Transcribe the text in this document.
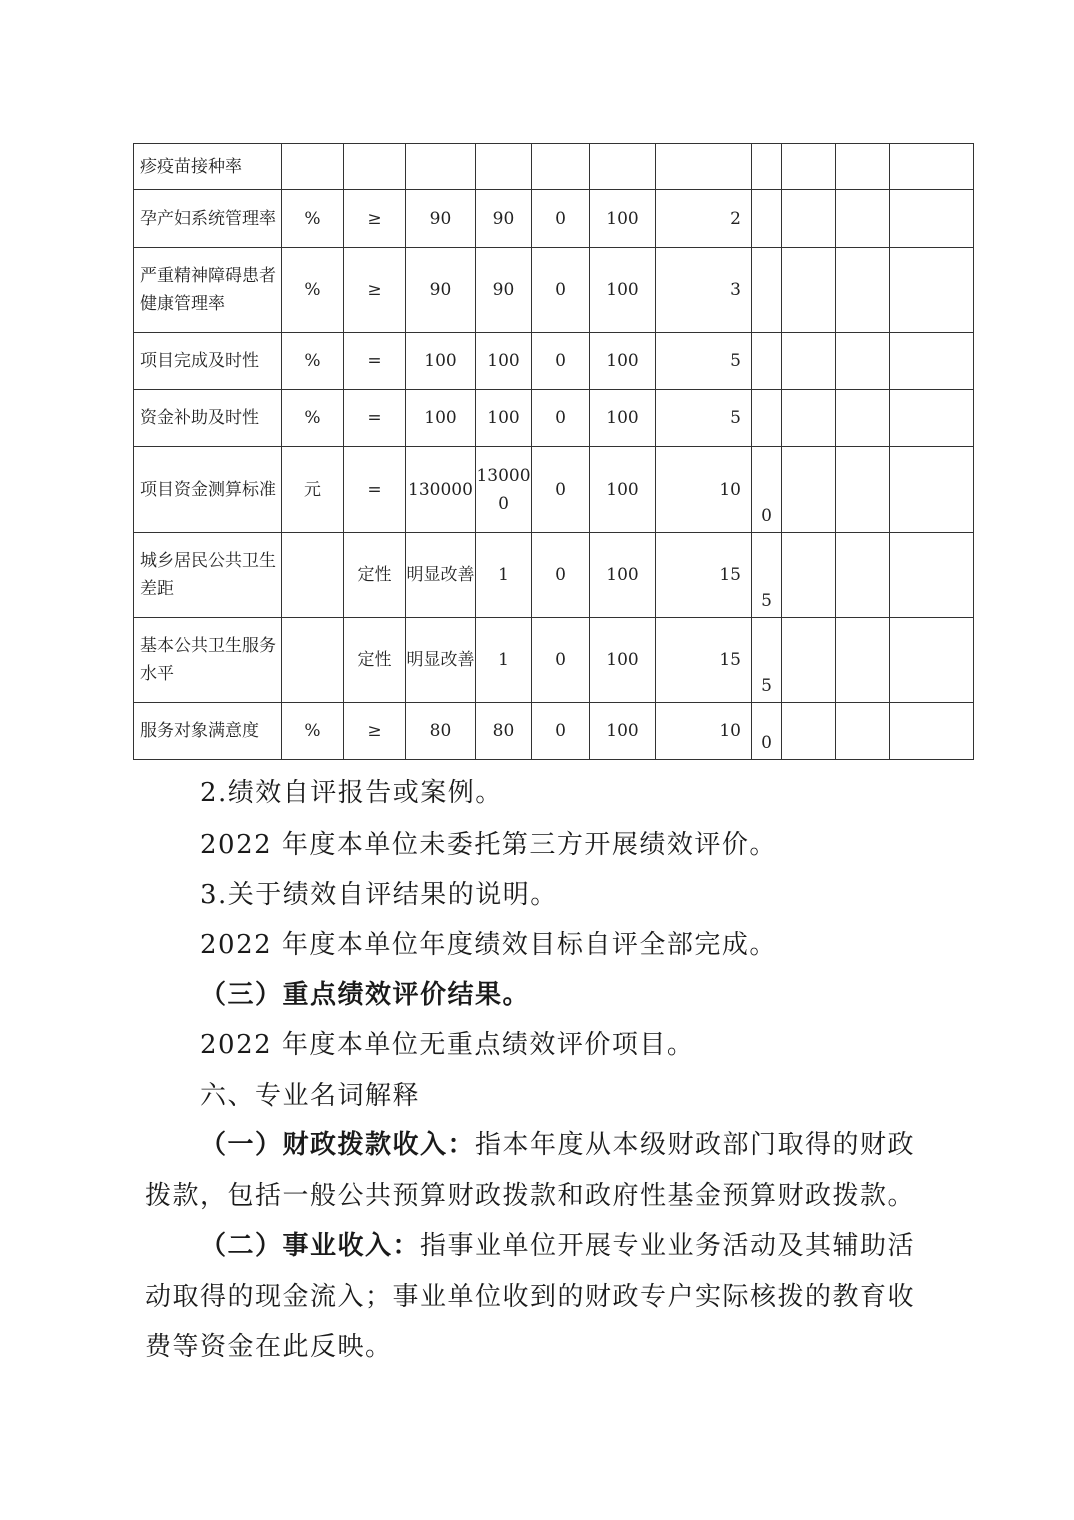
疹疫苗接种率											
孕产妇系统管理率	%	≥	90	90	0	100	2				
严重精神障碍患者健康管理率	%	≥	90	90	0	100	3				
项目完成及时性	%	=	100	100	0	100	5				
资金补助及时性	%	=	100	100	0	100	5				
项目资金测算标准	元	=	130000	130000	0	100	10	0			
城乡居民公共卫生差距		定性	明显改善	1	0	100	15	5			
基本公共卫生服务水平		定性	明显改善	1	0	100	15	5			
服务对象满意度	%	≥	80	80	0	100	10	0			

2.绩效自评报告或案例。

2022 年度本单位未委托第三方开展绩效评价。

3.关于绩效自评结果的说明。

2022 年度本单位年度绩效目标自评全部完成。

（三）重点绩效评价结果。

2022 年度本单位无重点绩效评价项目。

六、专业名词解释

（一）财政拨款收入：指本年度从本级财政部门取得的财政

拨款，包括一般公共预算财政拨款和政府性基金预算财政拨款。

（二）事业收入：指事业单位开展专业业务活动及其辅助活

动取得的现金流入；事业单位收到的财政专户实际核拨的教育收

费等资金在此反映。
